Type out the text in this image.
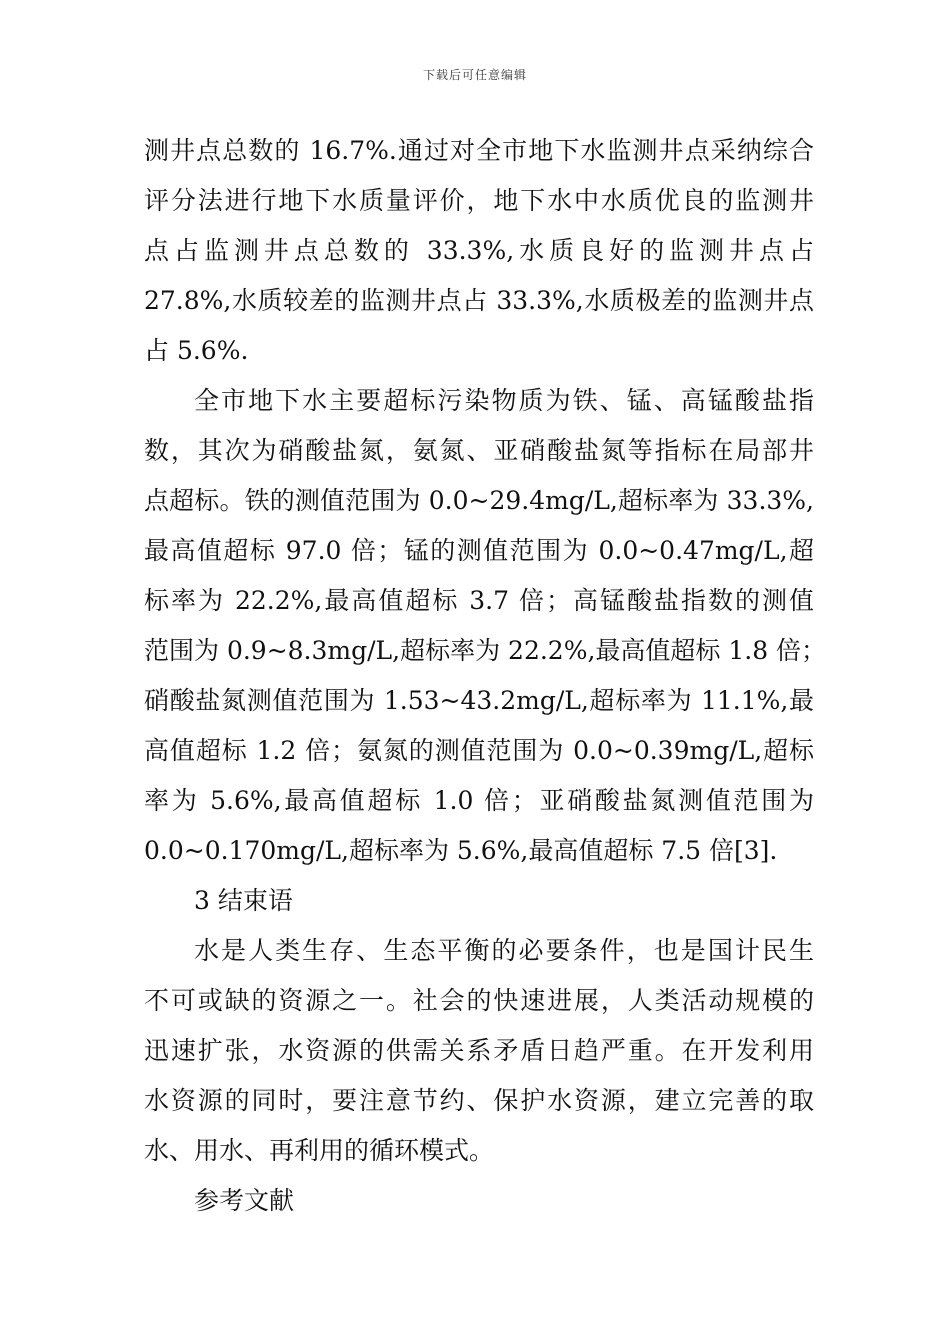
下载后可任意编辑
测井点总数的 16.7%.通过对全市地下水监测井点采纳综合
评分法进行地下水质量评价，地下水中水质优良的监测井
点占监测井点总数的 33.3%,水质良好的监测井点占
27.8%,水质较差的监测井点占 33.3%,水质极差的监测井点
占 5.6%.
全市地下水主要超标污染物质为铁、锰、高锰酸盐指
数，其次为硝酸盐氮，氨氮、亚硝酸盐氮等指标在局部井
点超标。铁的测值范围为 0.0~29.4mg/L,超标率为 33.3%,
最高值超标 97.0 倍；锰的测值范围为 0.0~0.47mg/L,超
标率为 22.2%,最高值超标 3.7 倍；高锰酸盐指数的测值
范围为 0.9~8.3mg/L,超标率为 22.2%,最高值超标 1.8 倍；
硝酸盐氮测值范围为 1.53~43.2mg/L,超标率为 11.1%,最
高值超标 1.2 倍；氨氮的测值范围为 0.0~0.39mg/L,超标
率为 5.6%,最高值超标 1.0 倍；亚硝酸盐氮测值范围为
0.0~0.170mg/L,超标率为 5.6%,最高值超标 7.5 倍[3].
3 结束语
水是人类生存、生态平衡的必要条件，也是国计民生
不可或缺的资源之一。社会的快速进展，人类活动规模的
迅速扩张，水资源的供需关系矛盾日趋严重。在开发利用
水资源的同时，要注意节约、保护水资源，建立完善的取
水、用水、再利用的循环模式。
参考文献
